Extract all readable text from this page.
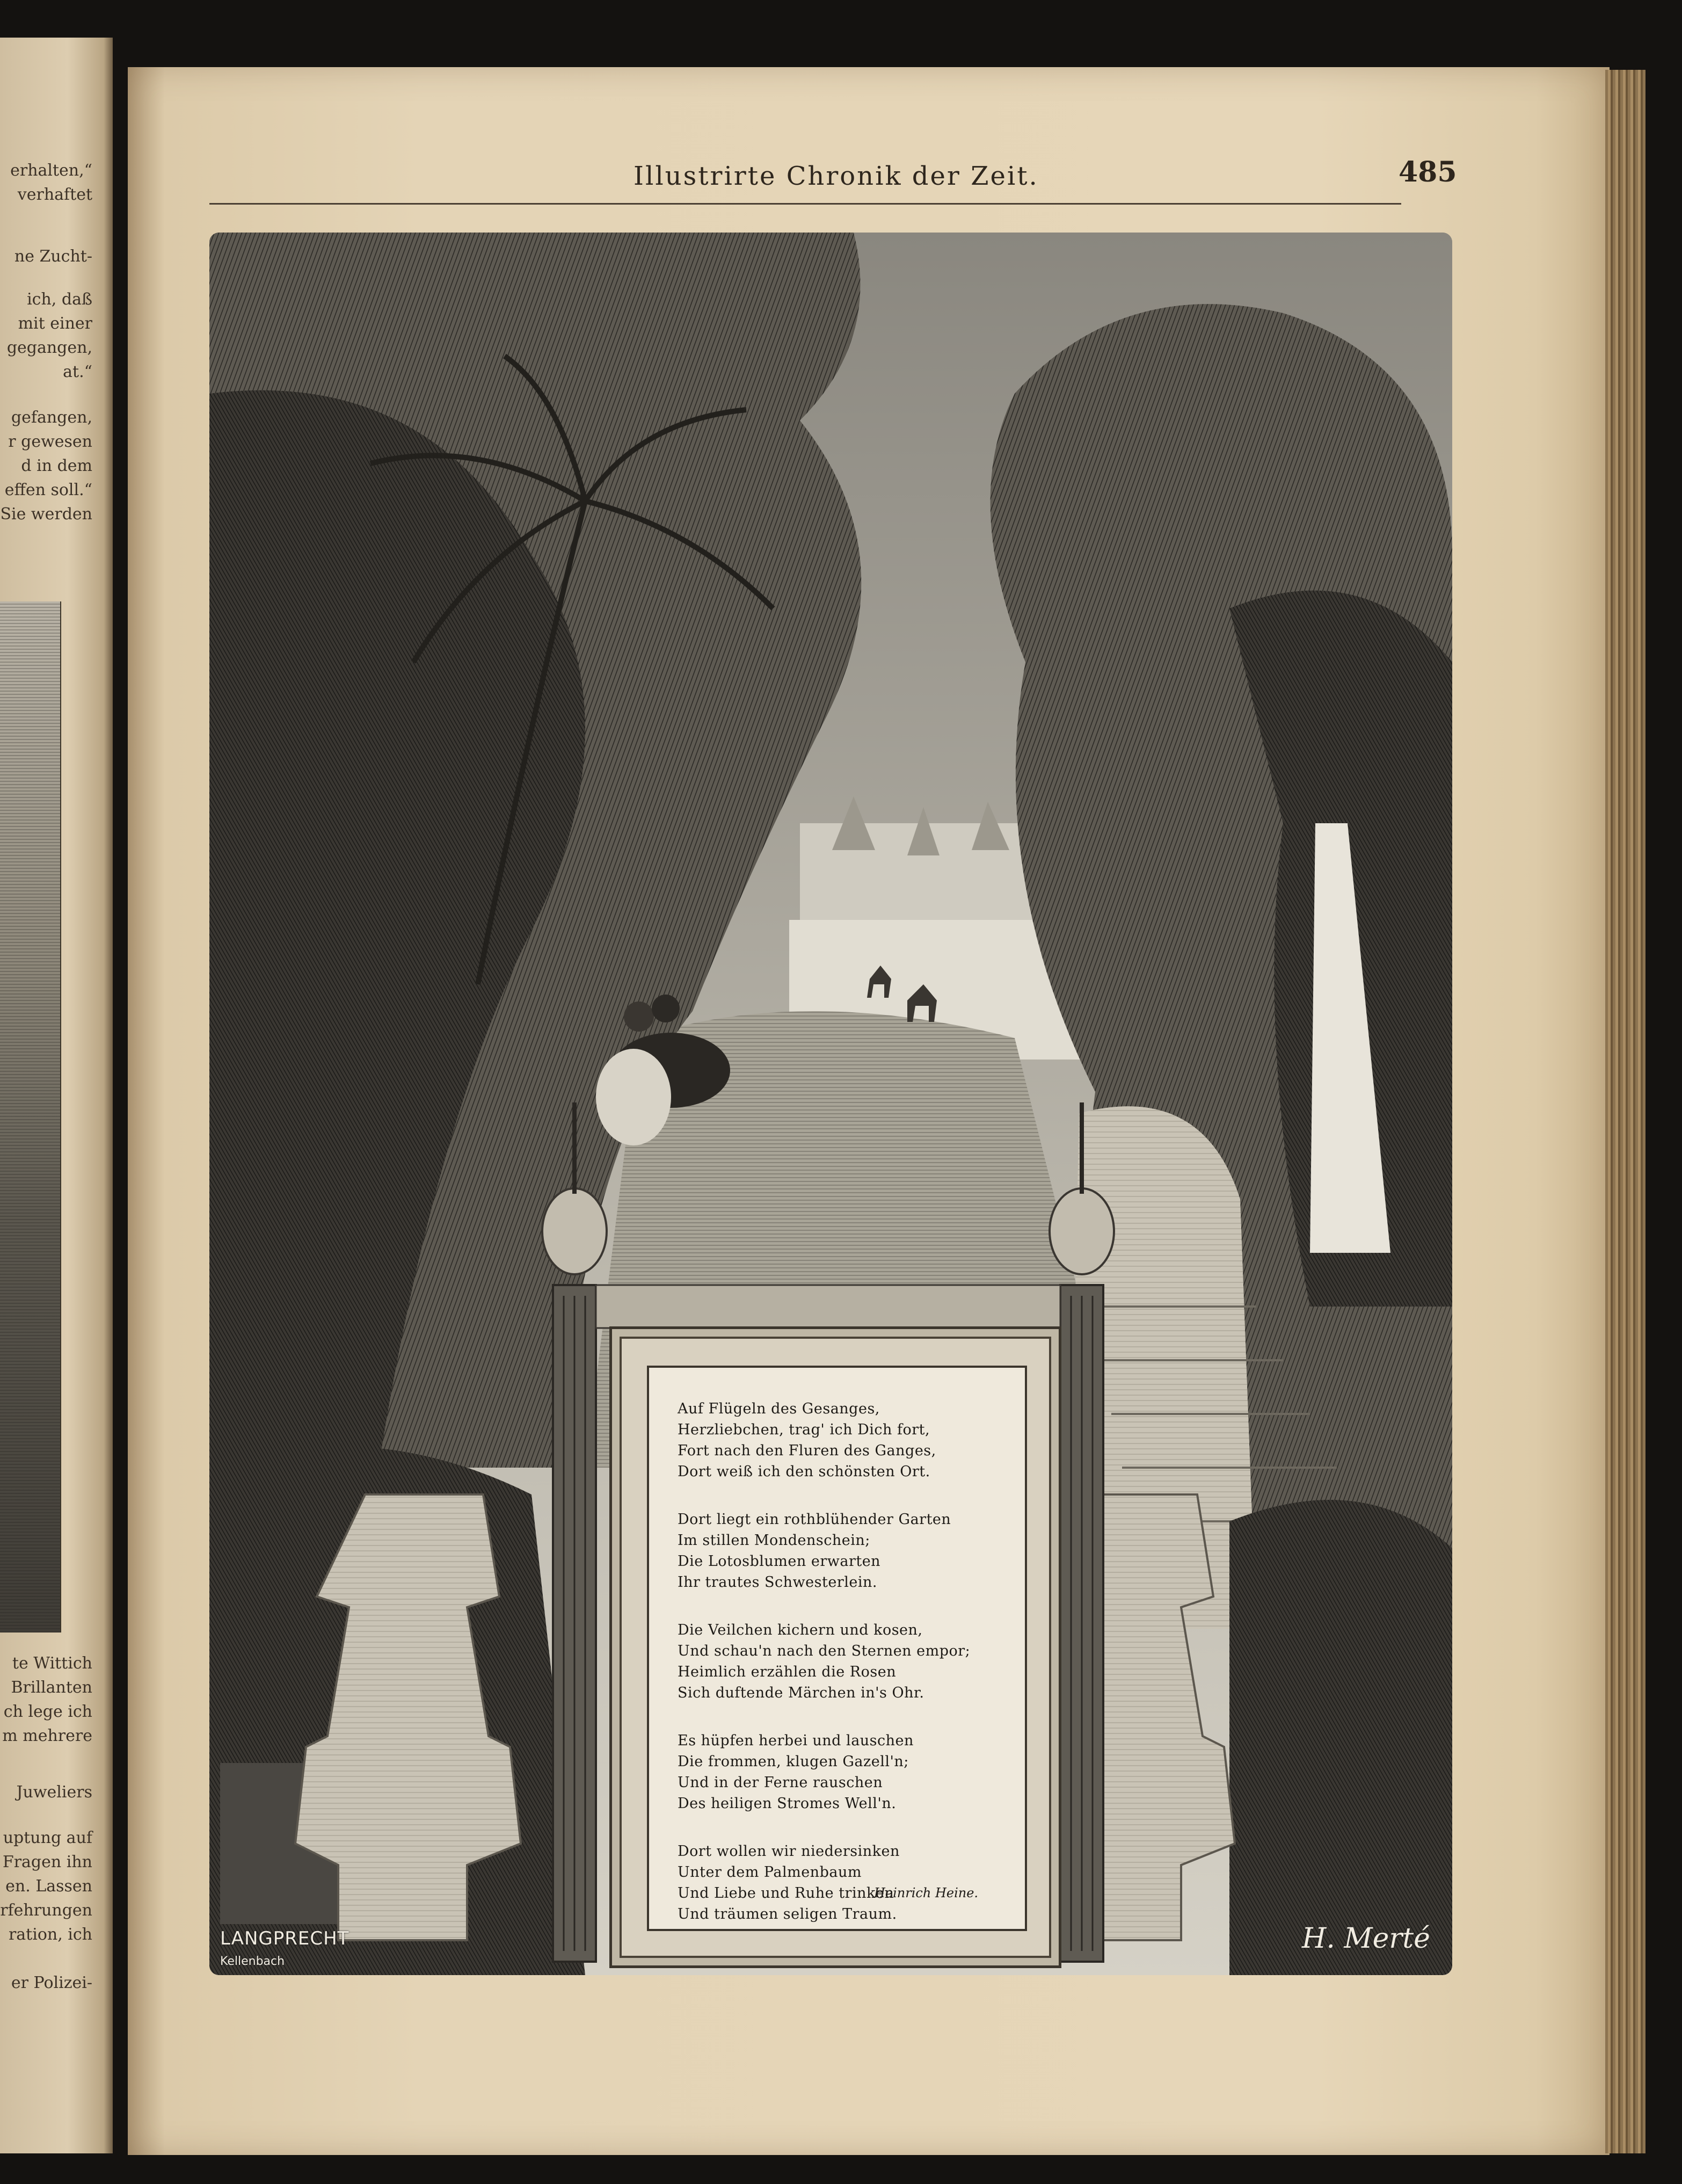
erhalten,“
verhaftet
ne Zucht-
ich, daß
mit einer
gegangen,
at.“
gefangen,
r gewesen
d in dem
effen soll.“
Sie werden
te Wittich
Brillanten
ch lege ich
m mehrere
Juweliers
uptung auf
Fragen ihn
en. Lassen
rfehrungen
ration, ich
er Polizei-
Illustrirte Chronik der Zeit.	485
Auf Flügeln des Gesanges,
Herzliebchen, trag' ich Dich fort,
Fort nach den Fluren des Ganges,
Dort weiß ich den schönsten Ort.
Dort liegt ein rothblühender Garten
Im stillen Mondenschein;
Die Lotosblumen erwarten
Ihr trautes Schwesterlein.
Die Veilchen kichern und kosen,
Und schau'n nach den Sternen empor;
Heimlich erzählen die Rosen
Sich duftende Märchen in's Ohr.
Es hüpfen herbei und lauschen
Die frommen, klugen Gazell'n;
Und in der Ferne rauschen
Des heiligen Stromes Well'n.
Dort wollen wir niedersinken
Unter dem Palmenbaum
Und Liebe und Ruhe trinken
Und träumen seligen Traum.
Heinrich Heine.
LANGPRECHT
Kellenbach
H. Merté
